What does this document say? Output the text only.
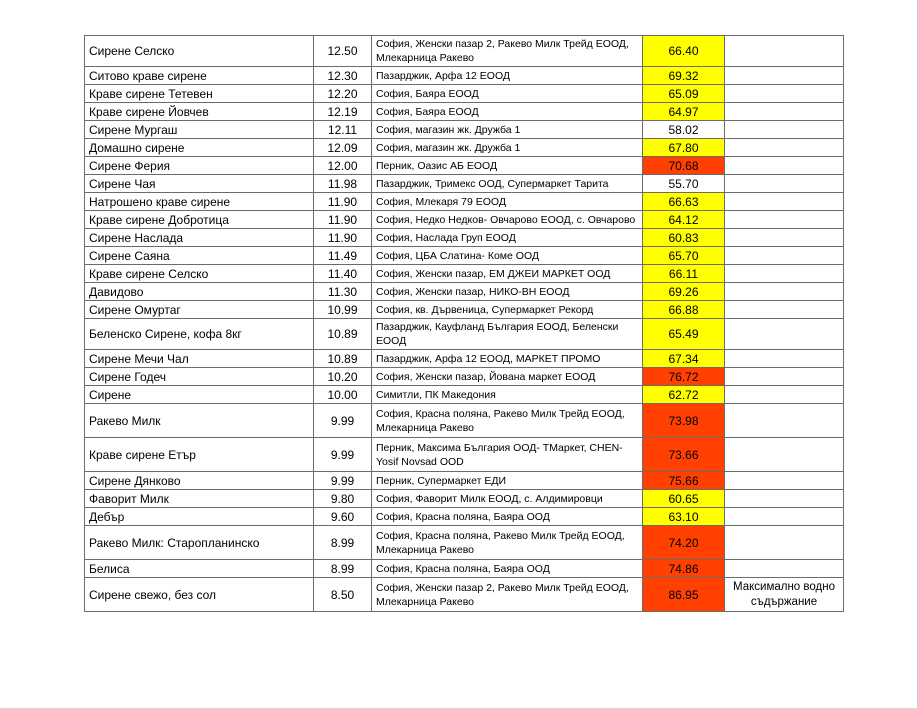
Сирене Селско	12.50	София, Женски пазар 2, Ракево Милк Трейд ЕООД, Млекарница Ракево	66.40	
Ситово краве сирене	12.30	Пазарджик, Арфа 12 ЕООД	69.32	
Краве сирене Тетевен	12.20	София, Баяра ЕООД	65.09	
Краве сирене Йовчев	12.19	София, Баяра ЕООД	64.97	
Сирене Мургаш	12.11	София, магазин жк. Дружба 1	58.02	
Домашно сирене	12.09	София, магазин жк. Дружба 1	67.80	
Сирене Ферия	12.00	Перник, Оазис АБ ЕООД	70.68	
Сирене Чая	11.98	Пазарджик, Тримекс ООД, Супермаркет Тарита	55.70	
Натрошено краве сирене	11.90	София, Млекаря 79 ЕООД	66.63	
Краве сирене Добротица	11.90	София, Недко Недков- Овчарово ЕООД, с. Овчарово	64.12	
Сирене Наслада	11.90	София, Наслада Груп ЕООД	60.83	
Сирене Саяна	11.49	София, ЦБА Слатина- Коме ООД	65.70	
Краве сирене Селско	11.40	София, Женски пазар, ЕМ ДЖЕИ МАРКЕТ ООД	66.11	
Давидово	11.30	София, Женски пазар, НИКО-ВН ЕООД	69.26	
Сирене Омуртаг	10.99	София, кв. Дървеница, Супермаркет Рекорд	66.88	
Беленско Сирене, кофа 8кг	10.89	Пазарджик, Кауфланд България ЕООД, Беленски ЕООД	65.49	
Сирене Мечи Чал	10.89	Пазарджик, Арфа 12 ЕООД, МАРКЕТ ПРОМО	67.34	
Сирене Годеч	10.20	София, Женски пазар, Йована маркет ЕООД	76.72	
Сирене	10.00	Симитли, ПК Македония	62.72	
Ракево Милк	9.99	София, Красна поляна, Ракево Милк Трейд ЕООД, Млекарница Ракево	73.98	
Краве сирене Етър	9.99	Перник, Максима България ООД- ТМаркет, CHEN-Yosif Novsad OOD	73.66	
Сирене Дянково	9.99	Перник, Супермаркет ЕДИ	75.66	
Фаворит Милк	9.80	София, Фаворит Милк ЕООД, с. Алдимировци	60.65	
Дебър	9.60	София, Красна поляна, Баяра ООД	63.10	
Ракево Милк: Старопланинско	8.99	София, Красна поляна, Ракево Милк Трейд ЕООД, Млекарница Ракево	74.20	
Белиса	8.99	София, Красна поляна, Баяра ООД	74.86	
Сирене свежо, без сол	8.50	София, Женски пазар 2, Ракево Милк Трейд ЕООД, Млекарница Ракево	86.95	Максимално водно съдържание
